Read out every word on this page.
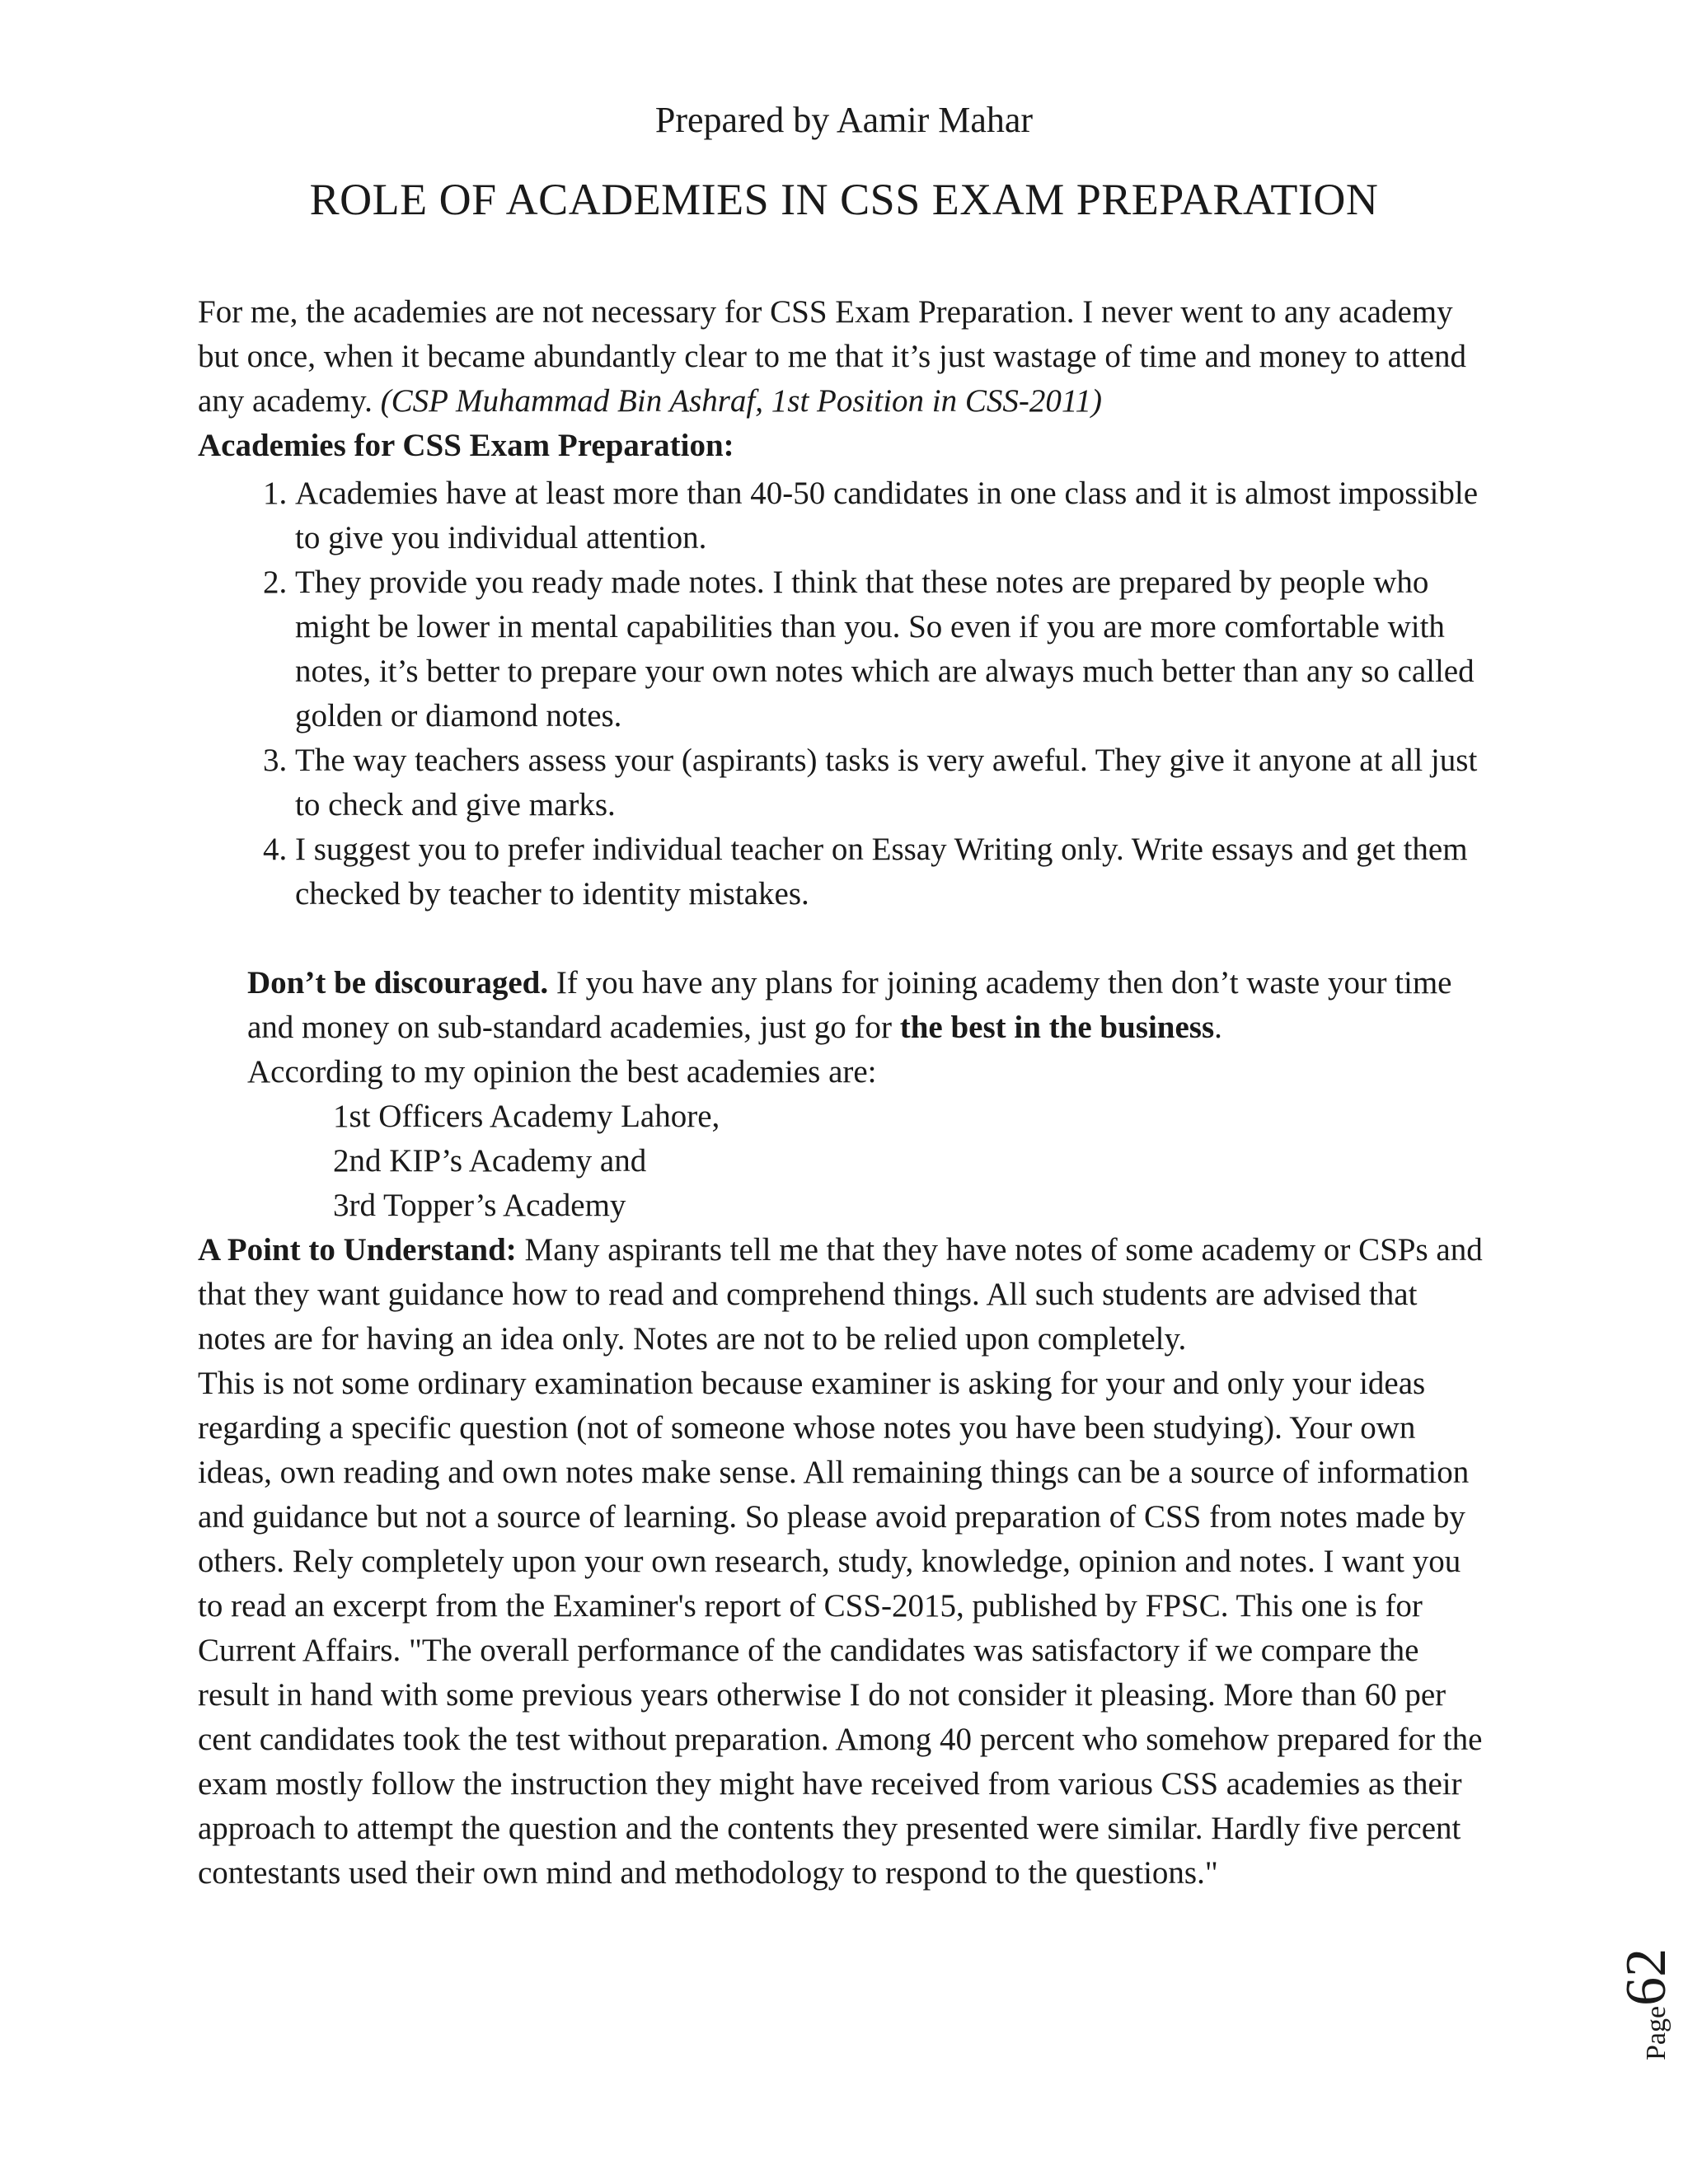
Prepared by Aamir Mahar
ROLE OF ACADEMIES IN CSS EXAM PREPARATION

For me, the academies are not necessary for CSS Exam Preparation. I never went to any academy but once, when it became abundantly clear to me that it’s just wastage of time and money to attend any academy. (CSP Muhammad Bin Ashraf, 1st Position in CSS-2011)

Academies for CSS Exam Preparation:

1. Academies have at least more than 40-50 candidates in one class and it is almost impossible to give you individual attention.
2. They provide you ready made notes. I think that these notes are prepared by people who might be lower in mental capabilities than you. So even if you are more comfortable with notes, it’s better to prepare your own notes which are always much better than any so called golden or diamond notes.
3. The way teachers assess your (aspirants) tasks is very aweful. They give it anyone at all just to check and give marks.
4. I suggest you to prefer individual teacher on Essay Writing only. Write essays and get them checked by teacher to identity mistakes.

Don’t be discouraged. If you have any plans for joining academy then don’t waste your time and money on sub-standard academies, just go for the best in the business.

According to my opinion the best academies are:

1st Officers Academy Lahore,
2nd KIP’s Academy and
3rd Topper’s Academy

A Point to Understand: Many aspirants tell me that they have notes of some academy or CSPs and that they want guidance how to read and comprehend things. All such students are advised that notes are for having an idea only. Notes are not to be relied upon completely.

This is not some ordinary examination because examiner is asking for your and only your ideas regarding a specific question (not of someone whose notes you have been studying). Your own ideas, own reading and own notes make sense. All remaining things can be a source of information and guidance but not a source of learning. So please avoid preparation of CSS from notes made by others. Rely completely upon your own research, study, knowledge, opinion and notes. I want you to read an excerpt from the Examiner's report of CSS-2015, published by FPSC. This one is for Current Affairs. "The overall performance of the candidates was satisfactory if we compare the result in hand with some previous years otherwise I do not consider it pleasing. More than 60 per cent candidates took the test without preparation. Among 40 percent who somehow prepared for the exam mostly follow the instruction they might have received from various CSS academies as their approach to attempt the question and the contents they presented were similar. Hardly five percent contestants used their own mind and methodology to respond to the questions."

Page62
